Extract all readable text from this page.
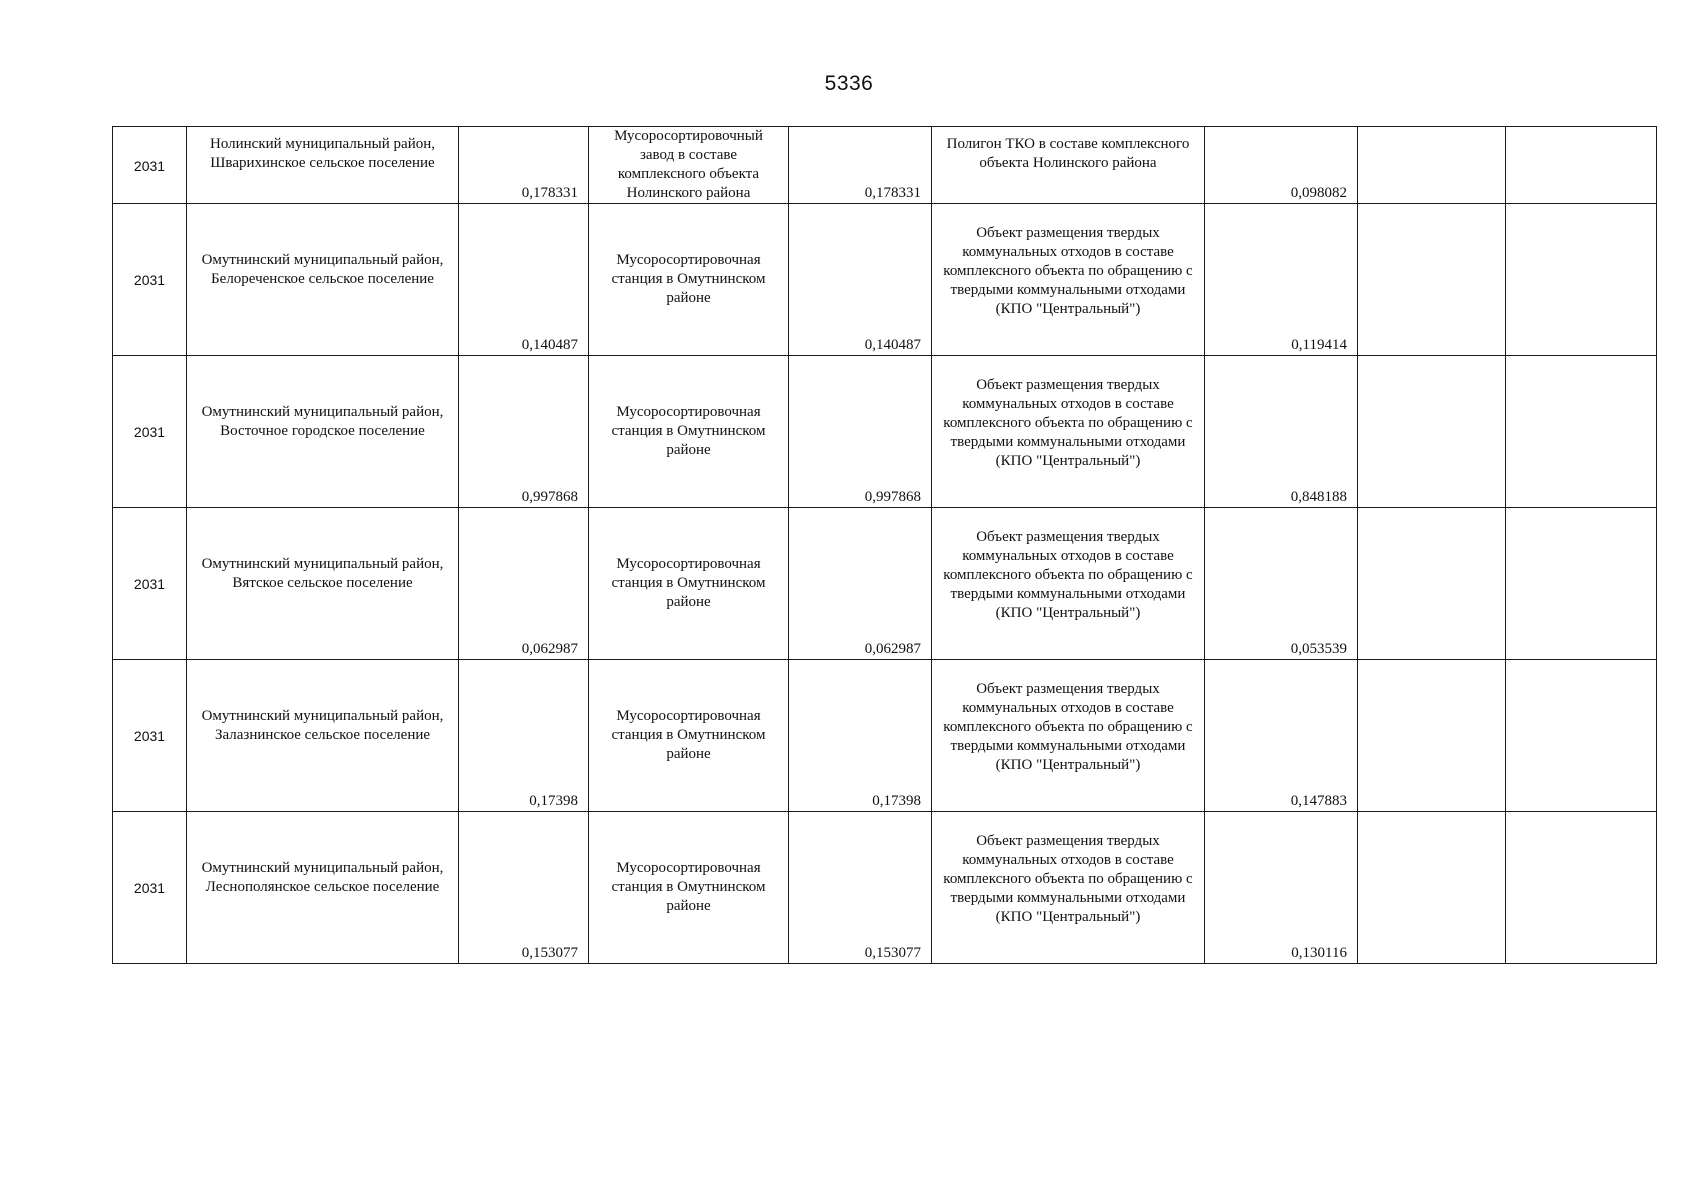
5336
2031	Нолинский муниципальный район, Шварихинское сельское поселение	0,178331	Мусоросортировочный завод в составе комплексного объекта Нолинского района	0,178331	Полигон ТКО в составе комплексного объекта Нолинского района	0,098082		
2031	Омутнинский муниципальный район, Белореченское сельское поселение	0,140487	Мусоросортировочная станция в Омутнинском районе	0,140487	Объект размещения твердых коммунальных отходов в составе комплексного объекта по обращению с твердыми коммунальными отходами (КПО "Центральный")	0,119414		
2031	Омутнинский муниципальный район, Восточное городское поселение	0,997868	Мусоросортировочная станция в Омутнинском районе	0,997868	Объект размещения твердых коммунальных отходов в составе комплексного объекта по обращению с твердыми коммунальными отходами (КПО "Центральный")	0,848188		
2031	Омутнинский муниципальный район, Вятское сельское поселение	0,062987	Мусоросортировочная станция в Омутнинском районе	0,062987	Объект размещения твердых коммунальных отходов в составе комплексного объекта по обращению с твердыми коммунальными отходами (КПО "Центральный")	0,053539		
2031	Омутнинский муниципальный район, Залазнинское сельское поселение	0,17398	Мусоросортировочная станция в Омутнинском районе	0,17398	Объект размещения твердых коммунальных отходов в составе комплексного объекта по обращению с твердыми коммунальными отходами (КПО "Центральный")	0,147883		
2031	Омутнинский муниципальный район, Леснополянское сельское поселение	0,153077	Мусоросортировочная станция в Омутнинском районе	0,153077	Объект размещения твердых коммунальных отходов в составе комплексного объекта по обращению с твердыми коммунальными отходами (КПО "Центральный")	0,130116		
